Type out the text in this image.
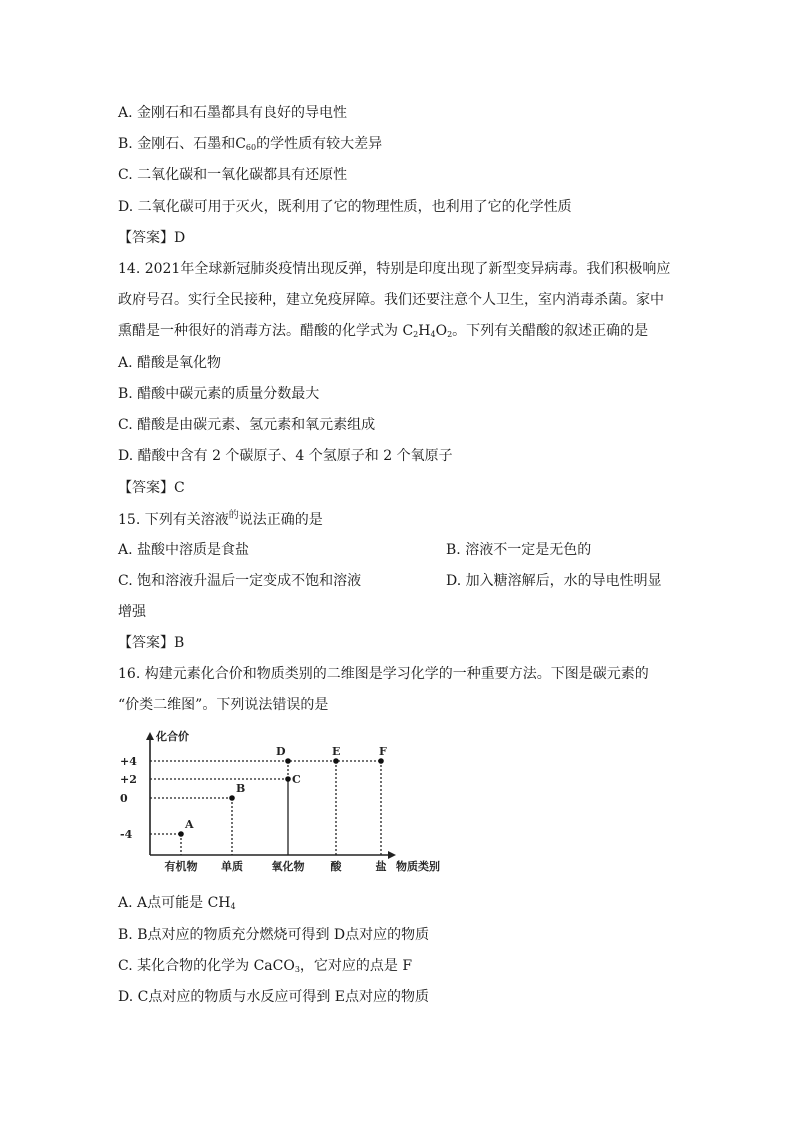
A. 金刚石和石墨都具有良好的导电性
B. 金刚石、石墨和$C_{60}$的学性质有较大差异
C. 二氧化碳和一氧化碳都具有还原性
D. 二氧化碳可用于灭火，既利用了它的物理性质，也利用了它的化学性质
【答案】D
14. 2021年全球新冠肺炎疫情出现反弹，特别是印度出现了新型变异病毒。我们积极响应
政府号召。实行全民接种，建立免疫屏障。我们还要注意个人卫生，室内消毒杀菌。家中
熏醋是一种很好的消毒方法。醋酸的化学式为 $C_2H_4O_2$。下列有关醋酸的叙述正确的是
A. 醋酸是氧化物
B. 醋酸中碳元素的质量分数最大
C. 醋酸是由碳元素、氢元素和氧元素组成
D. 醋酸中含有 2 个碳原子、4 个氢原子和 2 个氧原子
【答案】C
15. 下列有关溶液$^的$说法正确的是
A. 盐酸中溶质是食盐	B. 溶液不一定是无色的
C. 饱和溶液升温后一定变成不饱和溶液	D. 加入糖溶解后，水的导电性明显
增强
【答案】B
16. 构建元素化合价和物质类别的二维图是学习化学的一种重要方法。下图是碳元素的
“价类二维图”。下列说法错误的是
化合价
物质类别
+4
+2
0
-4
有机物 单质	氧化物 酸	盐
A
B
C
D	E	F
A. A点可能是 $CH_4$
B. B点对应的物质充分燃烧可得到 D点对应的物质
C. 某化合物的化学为 CaCO$_3$，它对应的点是 F
D. C点对应的物质与水反应可得到 E点对应的物质
